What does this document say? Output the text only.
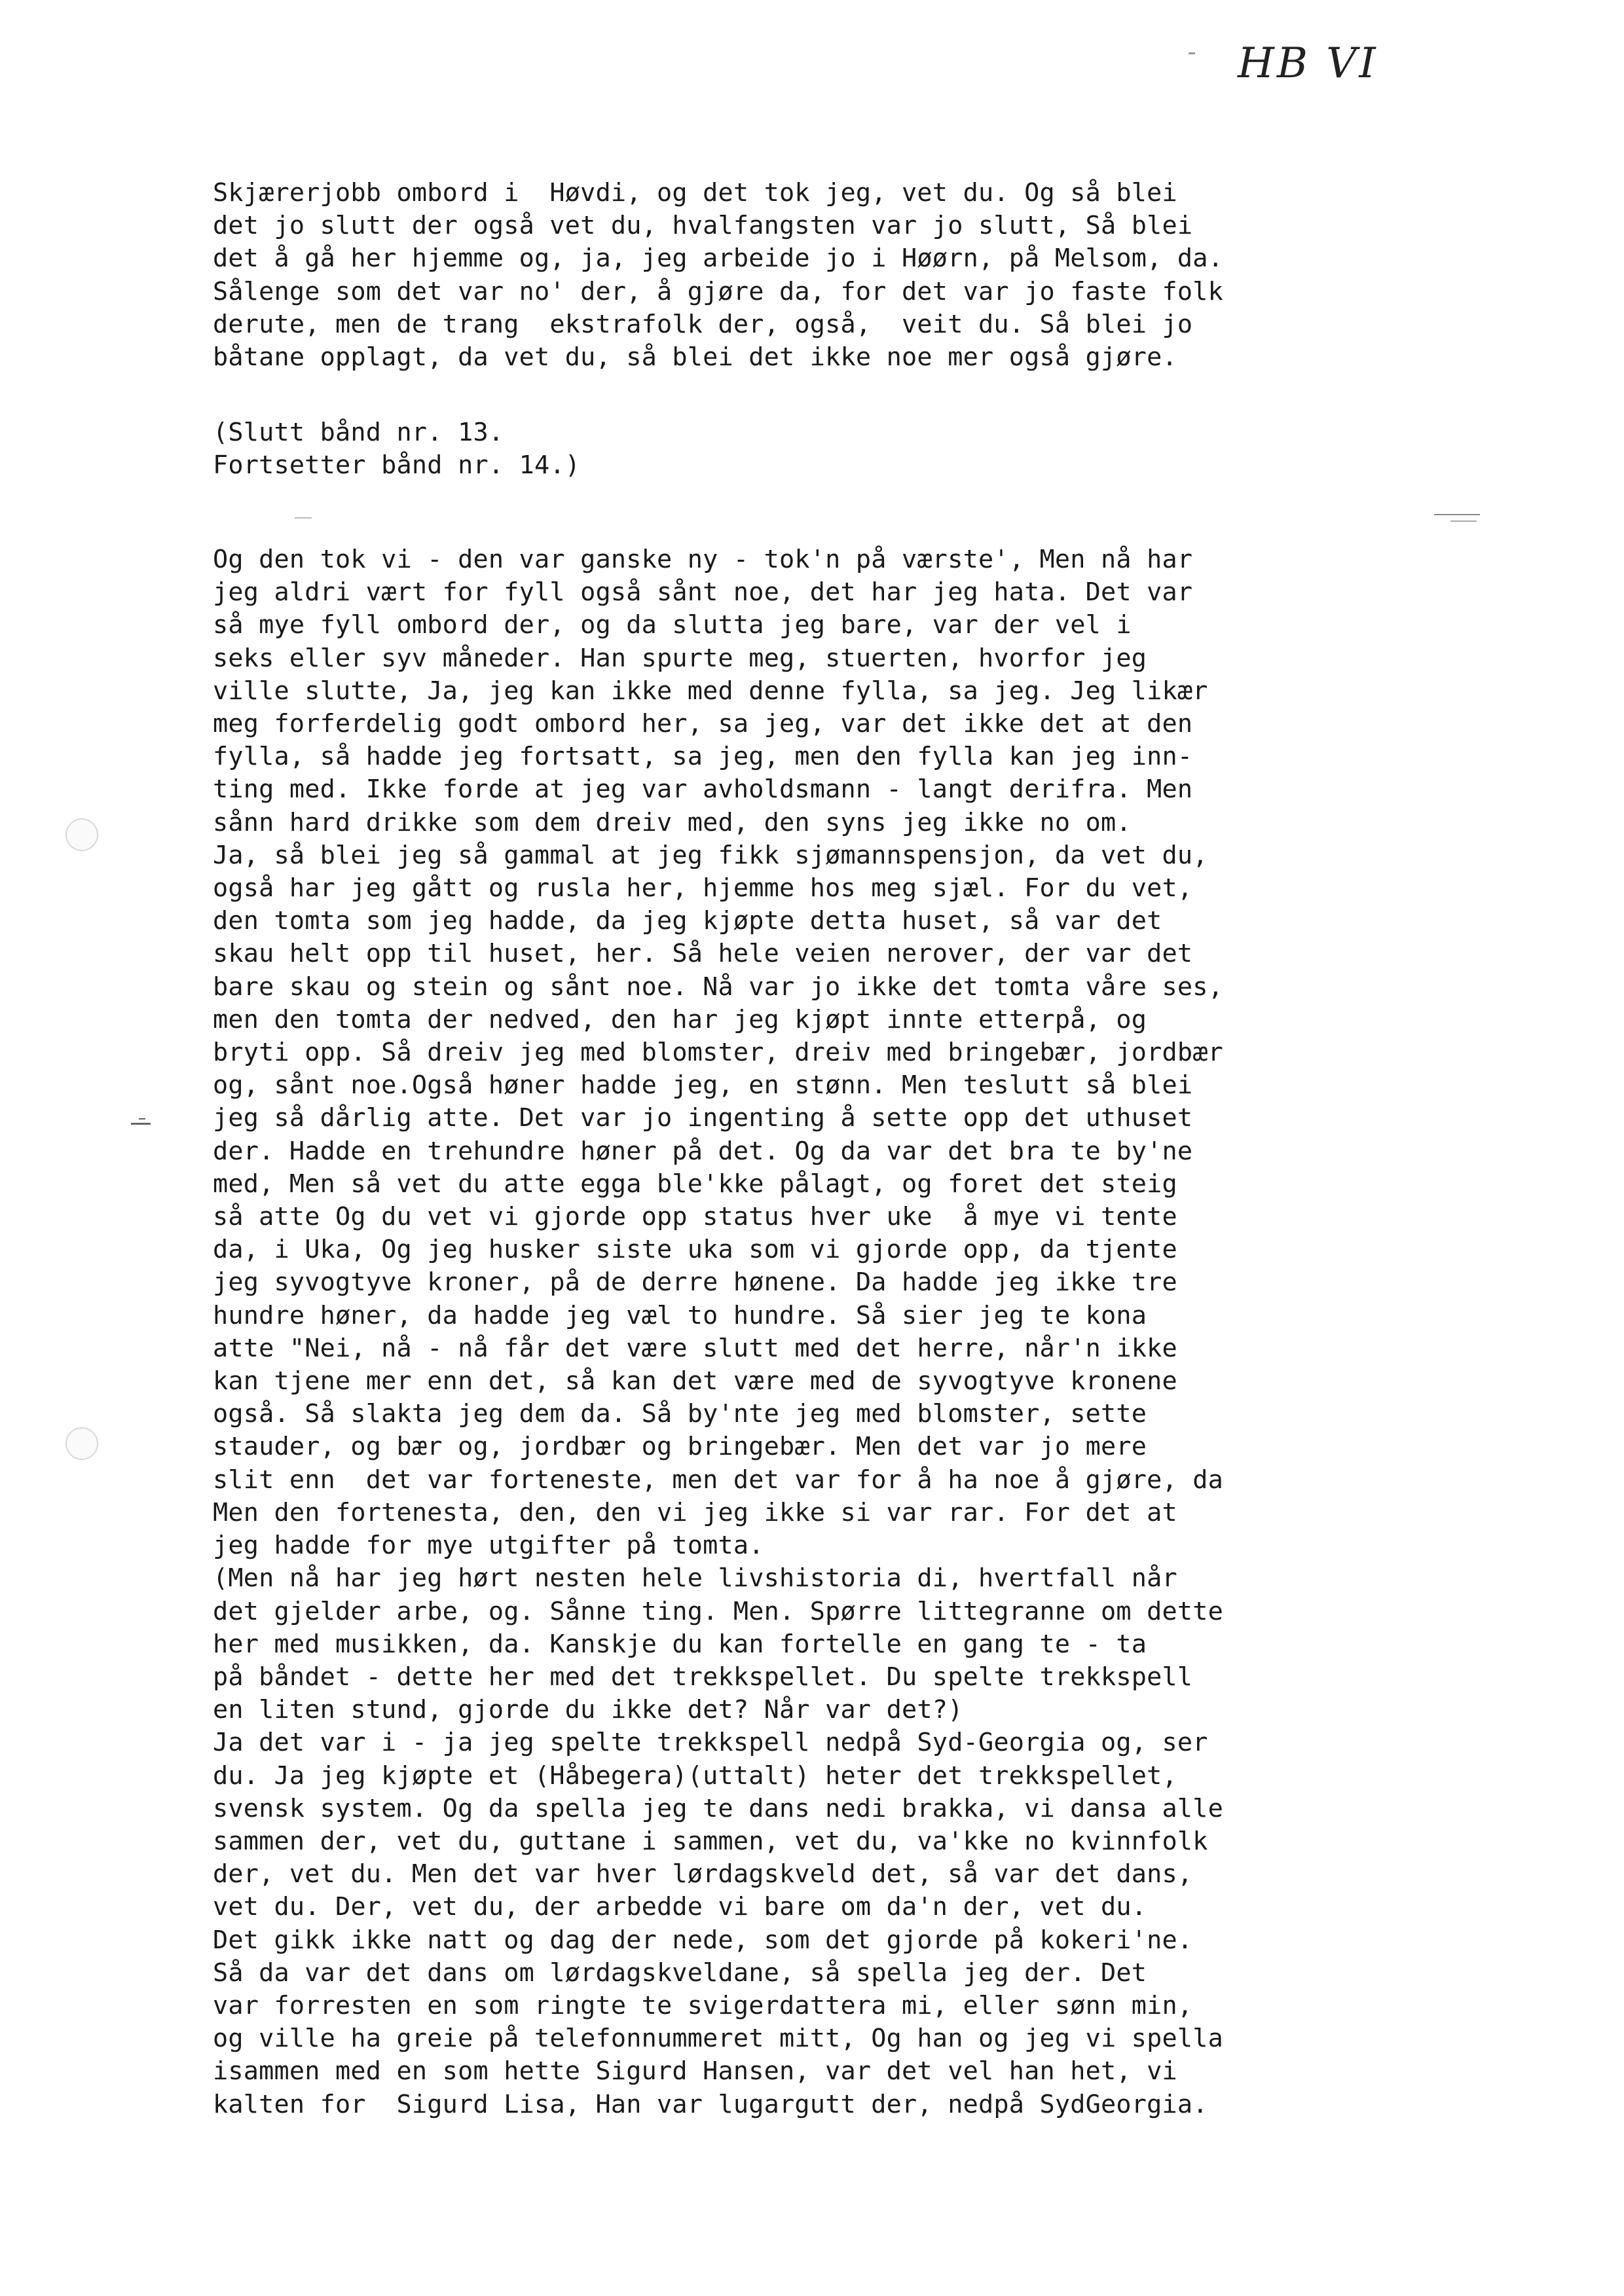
HB VI
Skjærerjobb ombord i  Høvdi, og det tok jeg, vet du. Og så blei
det jo slutt der også vet du, hvalfangsten var jo slutt, Så blei
det å gå her hjemme og, ja, jeg arbeide jo i Høørn, på Melsom, da.
Sålenge som det var no' der, å gjøre da, for det var jo faste folk
derute, men de trang  ekstrafolk der, også,  veit du. Så blei jo
båtane opplagt, da vet du, så blei det ikke noe mer også gjøre.
(Slutt bånd nr. 13.
Fortsetter bånd nr. 14.)
Og den tok vi - den var ganske ny - tok'n på værste', Men nå har
jeg aldri vært for fyll også sånt noe, det har jeg hata. Det var
så mye fyll ombord der, og da slutta jeg bare, var der vel i
seks eller syv måneder. Han spurte meg, stuerten, hvorfor jeg
ville slutte, Ja, jeg kan ikke med denne fylla, sa jeg. Jeg likær
meg forferdelig godt ombord her, sa jeg, var det ikke det at den
fylla, så hadde jeg fortsatt, sa jeg, men den fylla kan jeg inn-
ting med. Ikke forde at jeg var avholdsmann - langt derifra. Men
sånn hard drikke som dem dreiv med, den syns jeg ikke no om.
Ja, så blei jeg så gammal at jeg fikk sjømannspensjon, da vet du,
også har jeg gått og rusla her, hjemme hos meg sjæl. For du vet,
den tomta som jeg hadde, da jeg kjøpte detta huset, så var det
skau helt opp til huset, her. Så hele veien nerover, der var det
bare skau og stein og sånt noe. Nå var jo ikke det tomta våre ses,
men den tomta der nedved, den har jeg kjøpt innte etterpå, og
bryti opp. Så dreiv jeg med blomster, dreiv med bringebær, jordbær
og, sånt noe.Også høner hadde jeg, en stønn. Men teslutt så blei
jeg så dårlig atte. Det var jo ingenting å sette opp det uthuset
der. Hadde en trehundre høner på det. Og da var det bra te by'ne
med, Men så vet du atte egga ble'kke pålagt, og foret det steig
så atte Og du vet vi gjorde opp status hver uke  å mye vi tente
da, i Uka, Og jeg husker siste uka som vi gjorde opp, da tjente
jeg syvogtyve kroner, på de derre hønene. Da hadde jeg ikke tre
hundre høner, da hadde jeg væl to hundre. Så sier jeg te kona
atte "Nei, nå - nå får det være slutt med det herre, når'n ikke
kan tjene mer enn det, så kan det være med de syvogtyve kronene
også. Så slakta jeg dem da. Så by'nte jeg med blomster, sette
stauder, og bær og, jordbær og bringebær. Men det var jo mere
slit enn  det var forteneste, men det var for å ha noe å gjøre, da
Men den fortenesta, den, den vi jeg ikke si var rar. For det at
jeg hadde for mye utgifter på tomta.
(Men nå har jeg hørt nesten hele livshistoria di, hvertfall når
det gjelder arbe, og. Sånne ting. Men. Spørre littegranne om dette
her med musikken, da. Kanskje du kan fortelle en gang te - ta
på båndet - dette her med det trekkspellet. Du spelte trekkspell
en liten stund, gjorde du ikke det? Når var det?)
Ja det var i - ja jeg spelte trekkspell nedpå Syd-Georgia og, ser
du. Ja jeg kjøpte et (Håbegera)(uttalt) heter det trekkspellet,
svensk system. Og da spella jeg te dans nedi brakka, vi dansa alle
sammen der, vet du, guttane i sammen, vet du, va'kke no kvinnfolk
der, vet du. Men det var hver lørdagskveld det, så var det dans,
vet du. Der, vet du, der arbedde vi bare om da'n der, vet du.
Det gikk ikke natt og dag der nede, som det gjorde på kokeri'ne.
Så da var det dans om lørdagskveldane, så spella jeg der. Det
var forresten en som ringte te svigerdattera mi, eller sønn min,
og ville ha greie på telefonnummeret mitt, Og han og jeg vi spella
isammen med en som hette Sigurd Hansen, var det vel han het, vi
kalten for  Sigurd Lisa, Han var lugargutt der, nedpå SydGeorgia.
